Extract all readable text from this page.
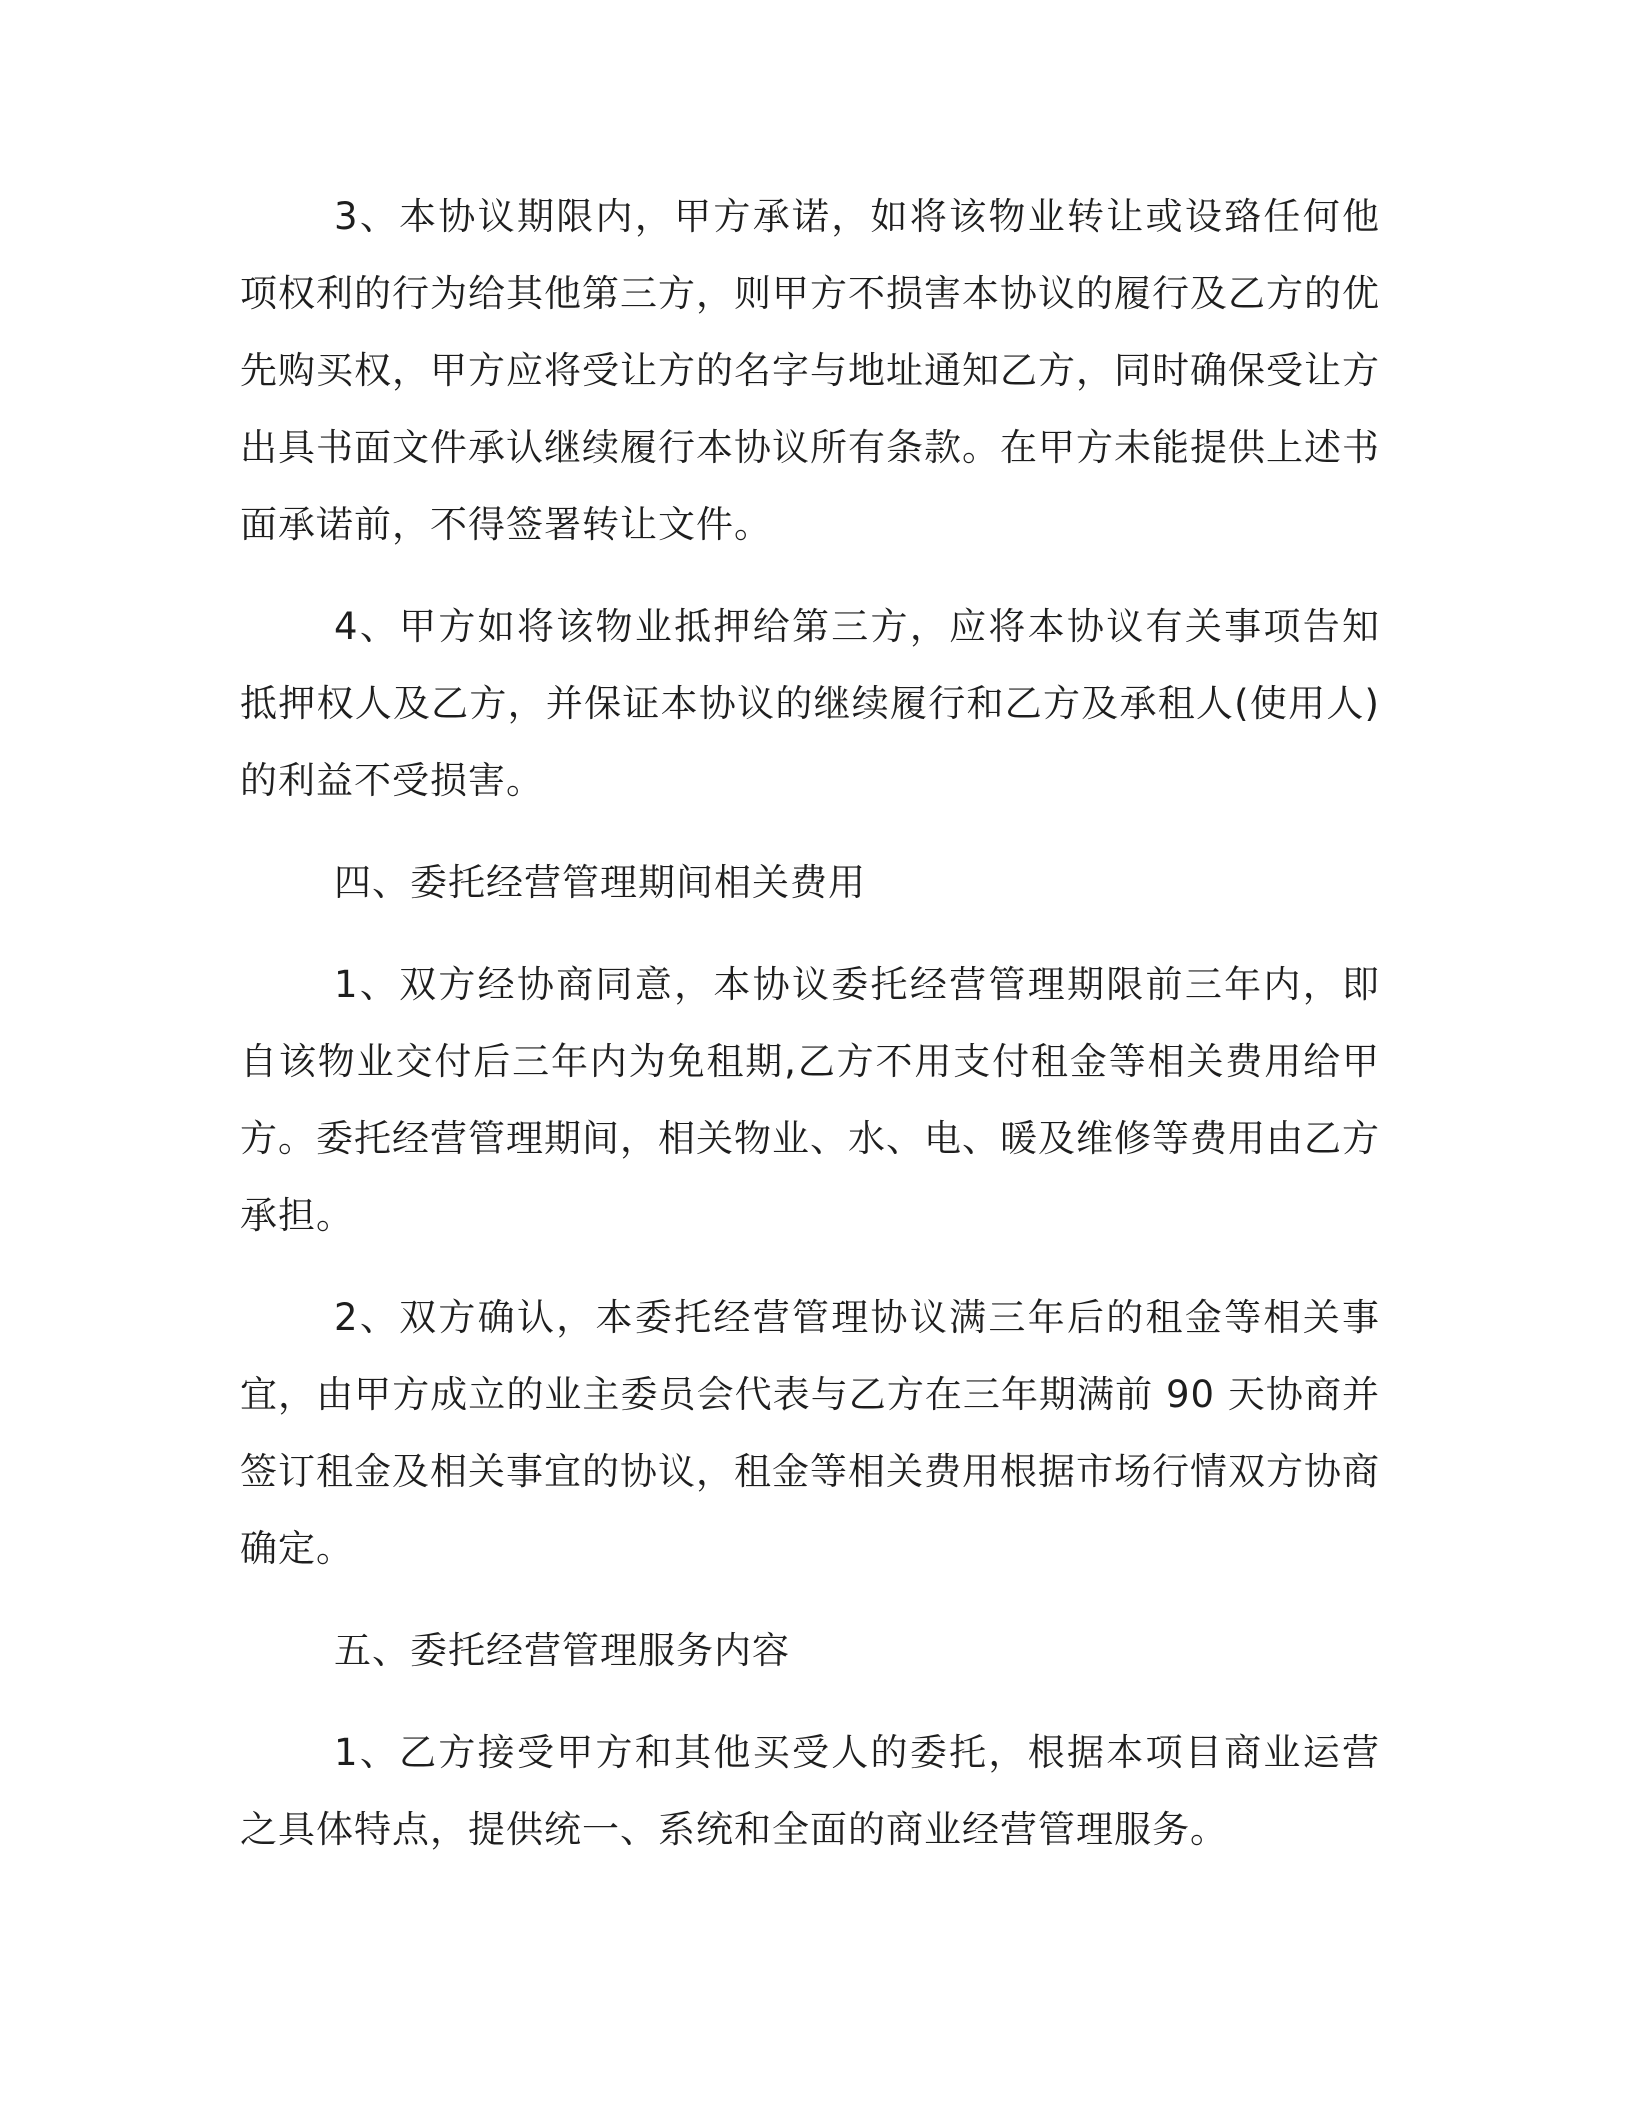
3、本协议期限内，甲方承诺，如将该物业转让或设臵任何他项权利的行为给其他第三方，则甲方不损害本协议的履行及乙方的优先购买权，甲方应将受让方的名字与地址通知乙方，同时确保受让方出具书面文件承认继续履行本协议所有条款。在甲方未能提供上述书面承诺前，不得签署转让文件。

4、甲方如将该物业抵押给第三方，应将本协议有关事项告知抵押权人及乙方，并保证本协议的继续履行和乙方及承租人(使用人)的利益不受损害。

四、委托经营管理期间相关费用

1、双方经协商同意，本协议委托经营管理期限前三年内，即自该物业交付后三年内为免租期,乙方不用支付租金等相关费用给甲方。委托经营管理期间，相关物业、水、电、暖及维修等费用由乙方承担。

2、双方确认，本委托经营管理协议满三年后的租金等相关事宜，由甲方成立的业主委员会代表与乙方在三年期满前 90 天协商并签订租金及相关事宜的协议，租金等相关费用根据市场行情双方协商确定。

五、委托经营管理服务内容

1、乙方接受甲方和其他买受人的委托，根据本项目商业运营之具体特点，提供统一、系统和全面的商业经营管理服务。
